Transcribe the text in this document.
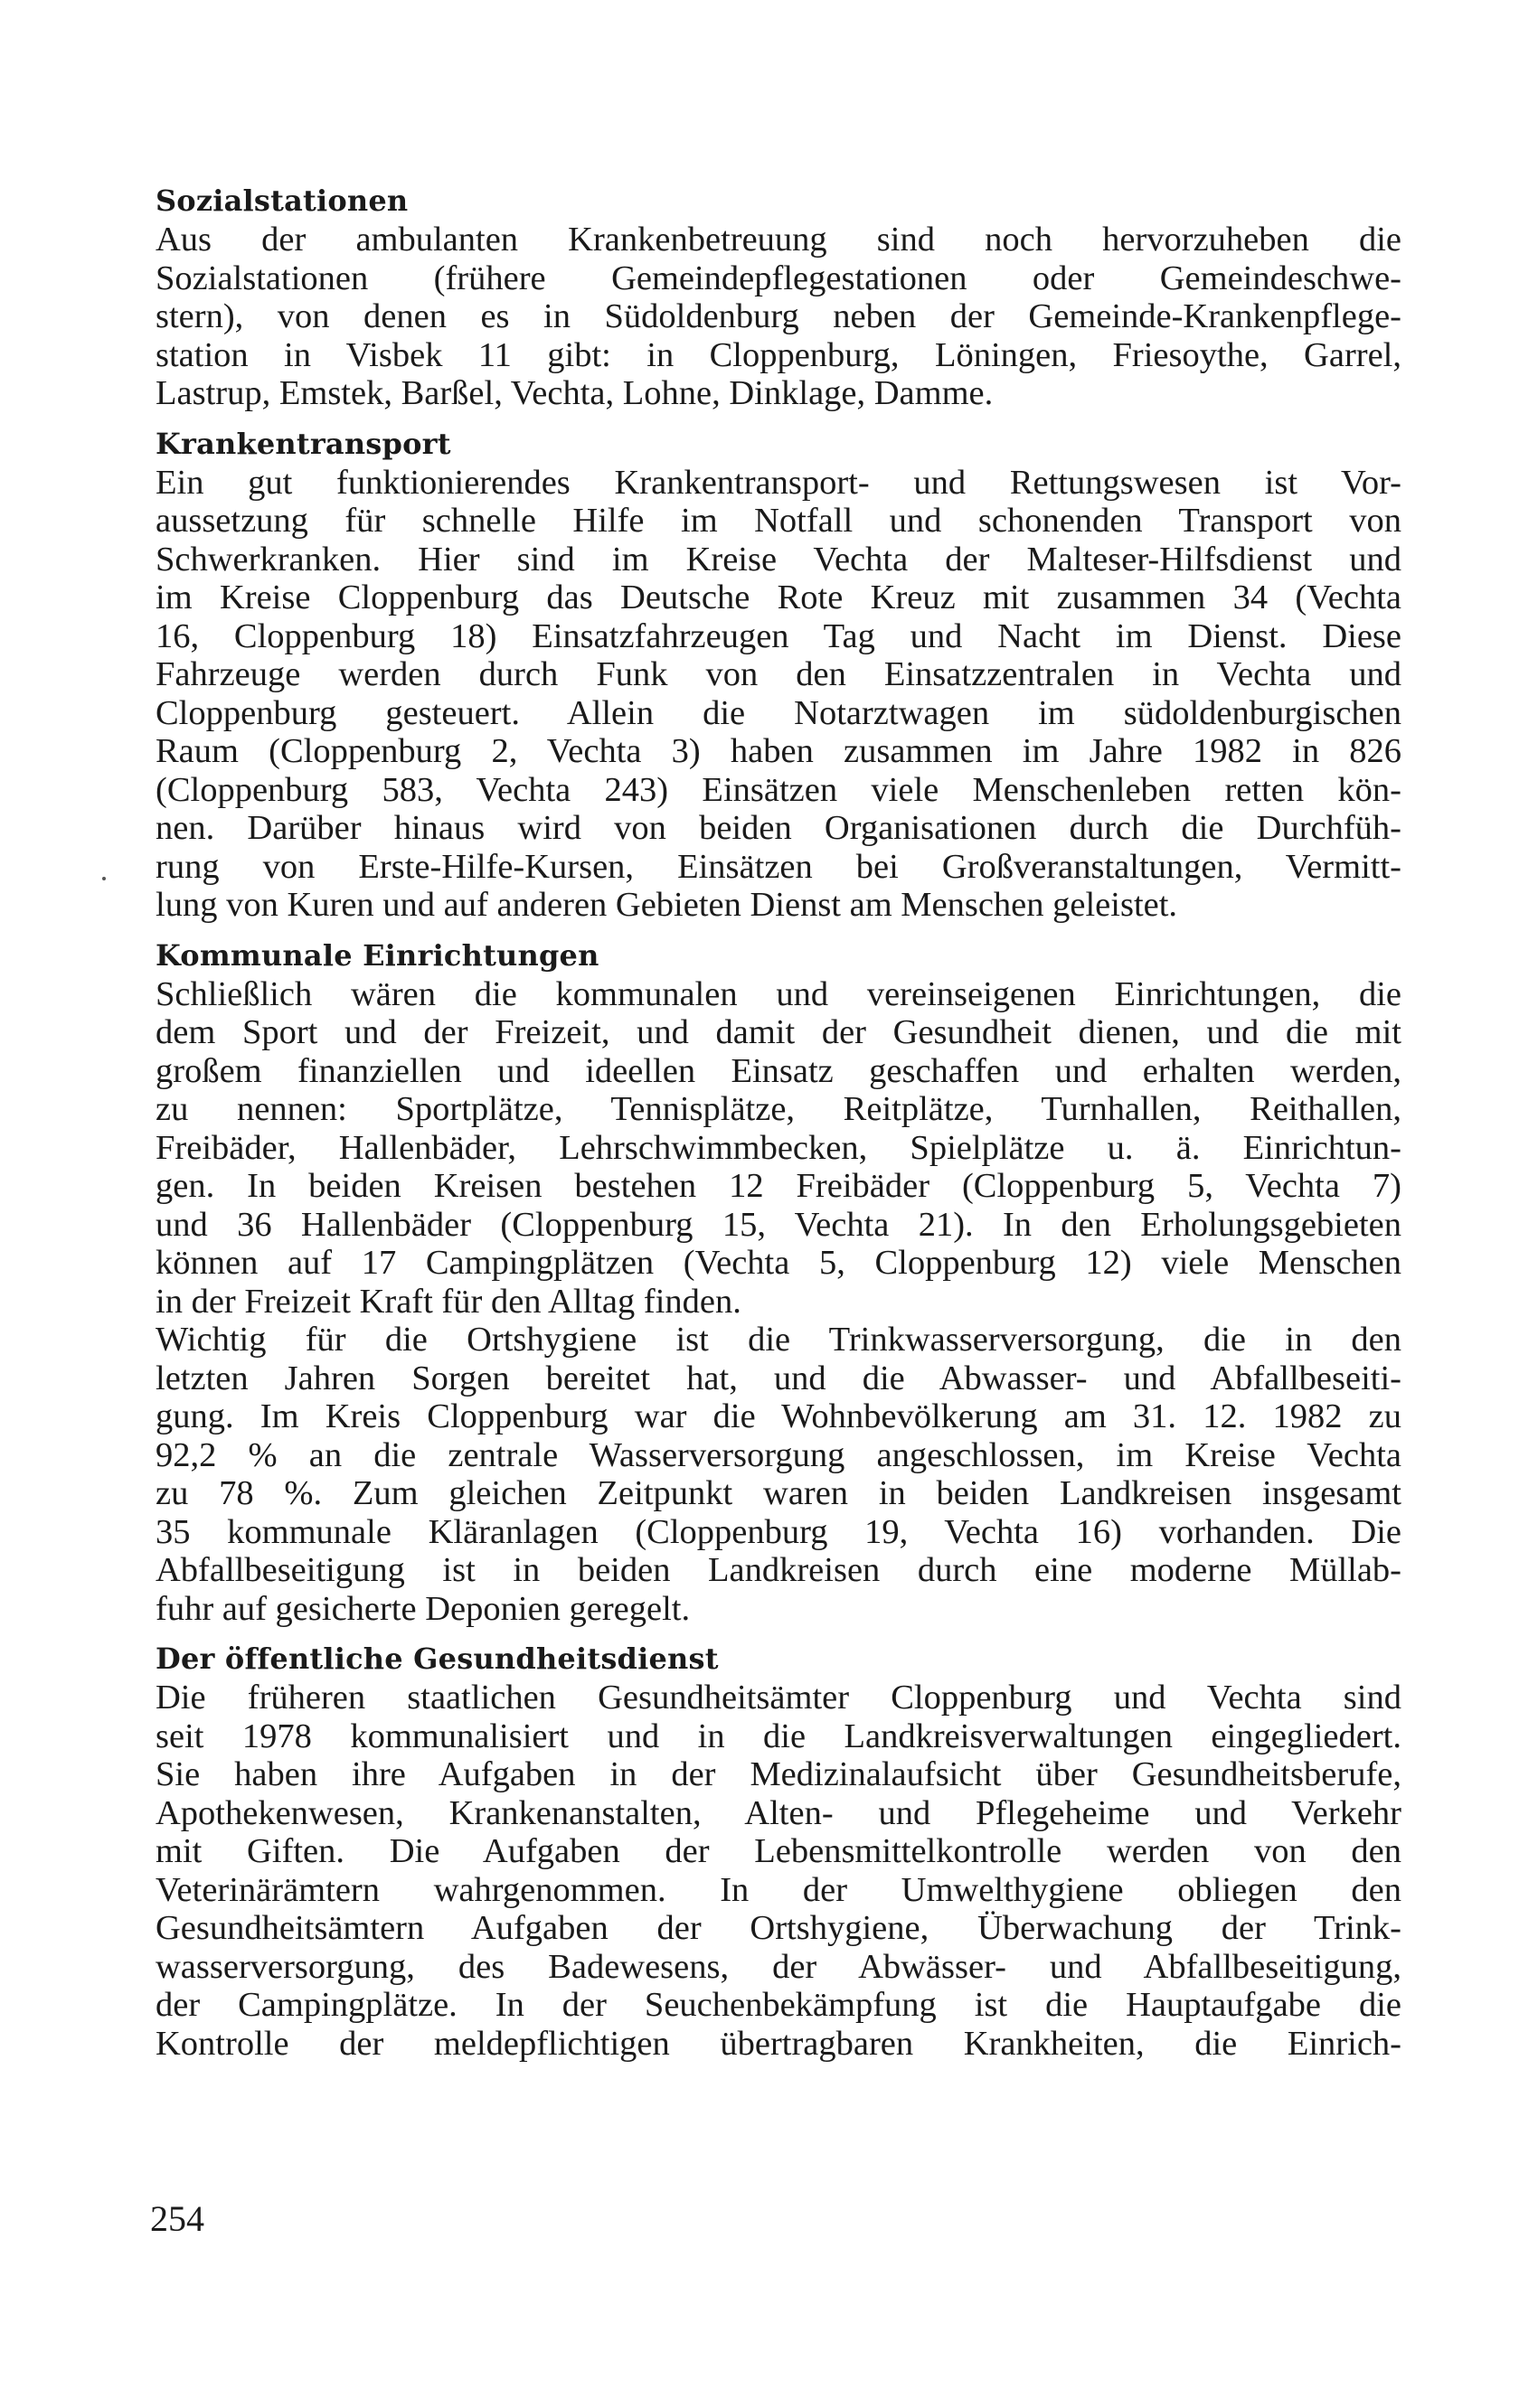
Sozialstationen

Aus der ambulanten Krankenbetreuung sind noch hervorzuheben die
Sozialstationen (frühere Gemeindepflegestationen oder Gemeindeschwe-
stern), von denen es in Südoldenburg neben der Gemeinde-Krankenpflege-
station in Visbek 11 gibt: in Cloppenburg, Löningen, Friesoythe, Garrel,
Lastrup, Emstek, Barßel, Vechta, Lohne, Dinklage, Damme.

Krankentransport

Ein gut funktionierendes Krankentransport- und Rettungswesen ist Vor-
aussetzung für schnelle Hilfe im Notfall und schonenden Transport von
Schwerkranken. Hier sind im Kreise Vechta der Malteser-Hilfsdienst und
im Kreise Cloppenburg das Deutsche Rote Kreuz mit zusammen 34 (Vechta
16, Cloppenburg 18) Einsatzfahrzeugen Tag und Nacht im Dienst. Diese
Fahrzeuge werden durch Funk von den Einsatzzentralen in Vechta und
Cloppenburg gesteuert. Allein die Notarztwagen im südoldenburgischen
Raum (Cloppenburg 2, Vechta 3) haben zusammen im Jahre 1982 in 826
(Cloppenburg 583, Vechta 243) Einsätzen viele Menschenleben retten kön-
nen. Darüber hinaus wird von beiden Organisationen durch die Durchfüh-
rung von Erste-Hilfe-Kursen, Einsätzen bei Großveranstaltungen, Vermitt-
lung von Kuren und auf anderen Gebieten Dienst am Menschen geleistet.

Kommunale Einrichtungen

Schließlich wären die kommunalen und vereinseigenen Einrichtungen, die
dem Sport und der Freizeit, und damit der Gesundheit dienen, und die mit
großem finanziellen und ideellen Einsatz geschaffen und erhalten werden,
zu nennen: Sportplätze, Tennisplätze, Reitplätze, Turnhallen, Reithallen,
Freibäder, Hallenbäder, Lehrschwimmbecken, Spielplätze u. ä. Einrichtun-
gen. In beiden Kreisen bestehen 12 Freibäder (Cloppenburg 5, Vechta 7)
und 36 Hallenbäder (Cloppenburg 15, Vechta 21). In den Erholungsgebieten
können auf 17 Campingplätzen (Vechta 5, Cloppenburg 12) viele Menschen
in der Freizeit Kraft für den Alltag finden.

Wichtig für die Ortshygiene ist die Trinkwasserversorgung, die in den
letzten Jahren Sorgen bereitet hat, und die Abwasser- und Abfallbeseiti-
gung. Im Kreis Cloppenburg war die Wohnbevölkerung am 31. 12. 1982 zu
92,2 % an die zentrale Wasserversorgung angeschlossen, im Kreise Vechta
zu 78 %. Zum gleichen Zeitpunkt waren in beiden Landkreisen insgesamt
35 kommunale Kläranlagen (Cloppenburg 19, Vechta 16) vorhanden. Die
Abfallbeseitigung ist in beiden Landkreisen durch eine moderne Müllab-
fuhr auf gesicherte Deponien geregelt.

Der öffentliche Gesundheitsdienst

Die früheren staatlichen Gesundheitsämter Cloppenburg und Vechta sind
seit 1978 kommunalisiert und in die Landkreisverwaltungen eingegliedert.
Sie haben ihre Aufgaben in der Medizinalaufsicht über Gesundheitsberufe,
Apothekenwesen, Krankenanstalten, Alten- und Pflegeheime und Verkehr
mit Giften. Die Aufgaben der Lebensmittelkontrolle werden von den
Veterinärämtern wahrgenommen. In der Umwelthygiene obliegen den
Gesundheitsämtern Aufgaben der Ortshygiene, Überwachung der Trink-
wasserversorgung, des Badewesens, der Abwässer- und Abfallbeseitigung,
der Campingplätze. In der Seuchenbekämpfung ist die Hauptaufgabe die
Kontrolle der meldepflichtigen übertragbaren Krankheiten, die Einrich-

254
